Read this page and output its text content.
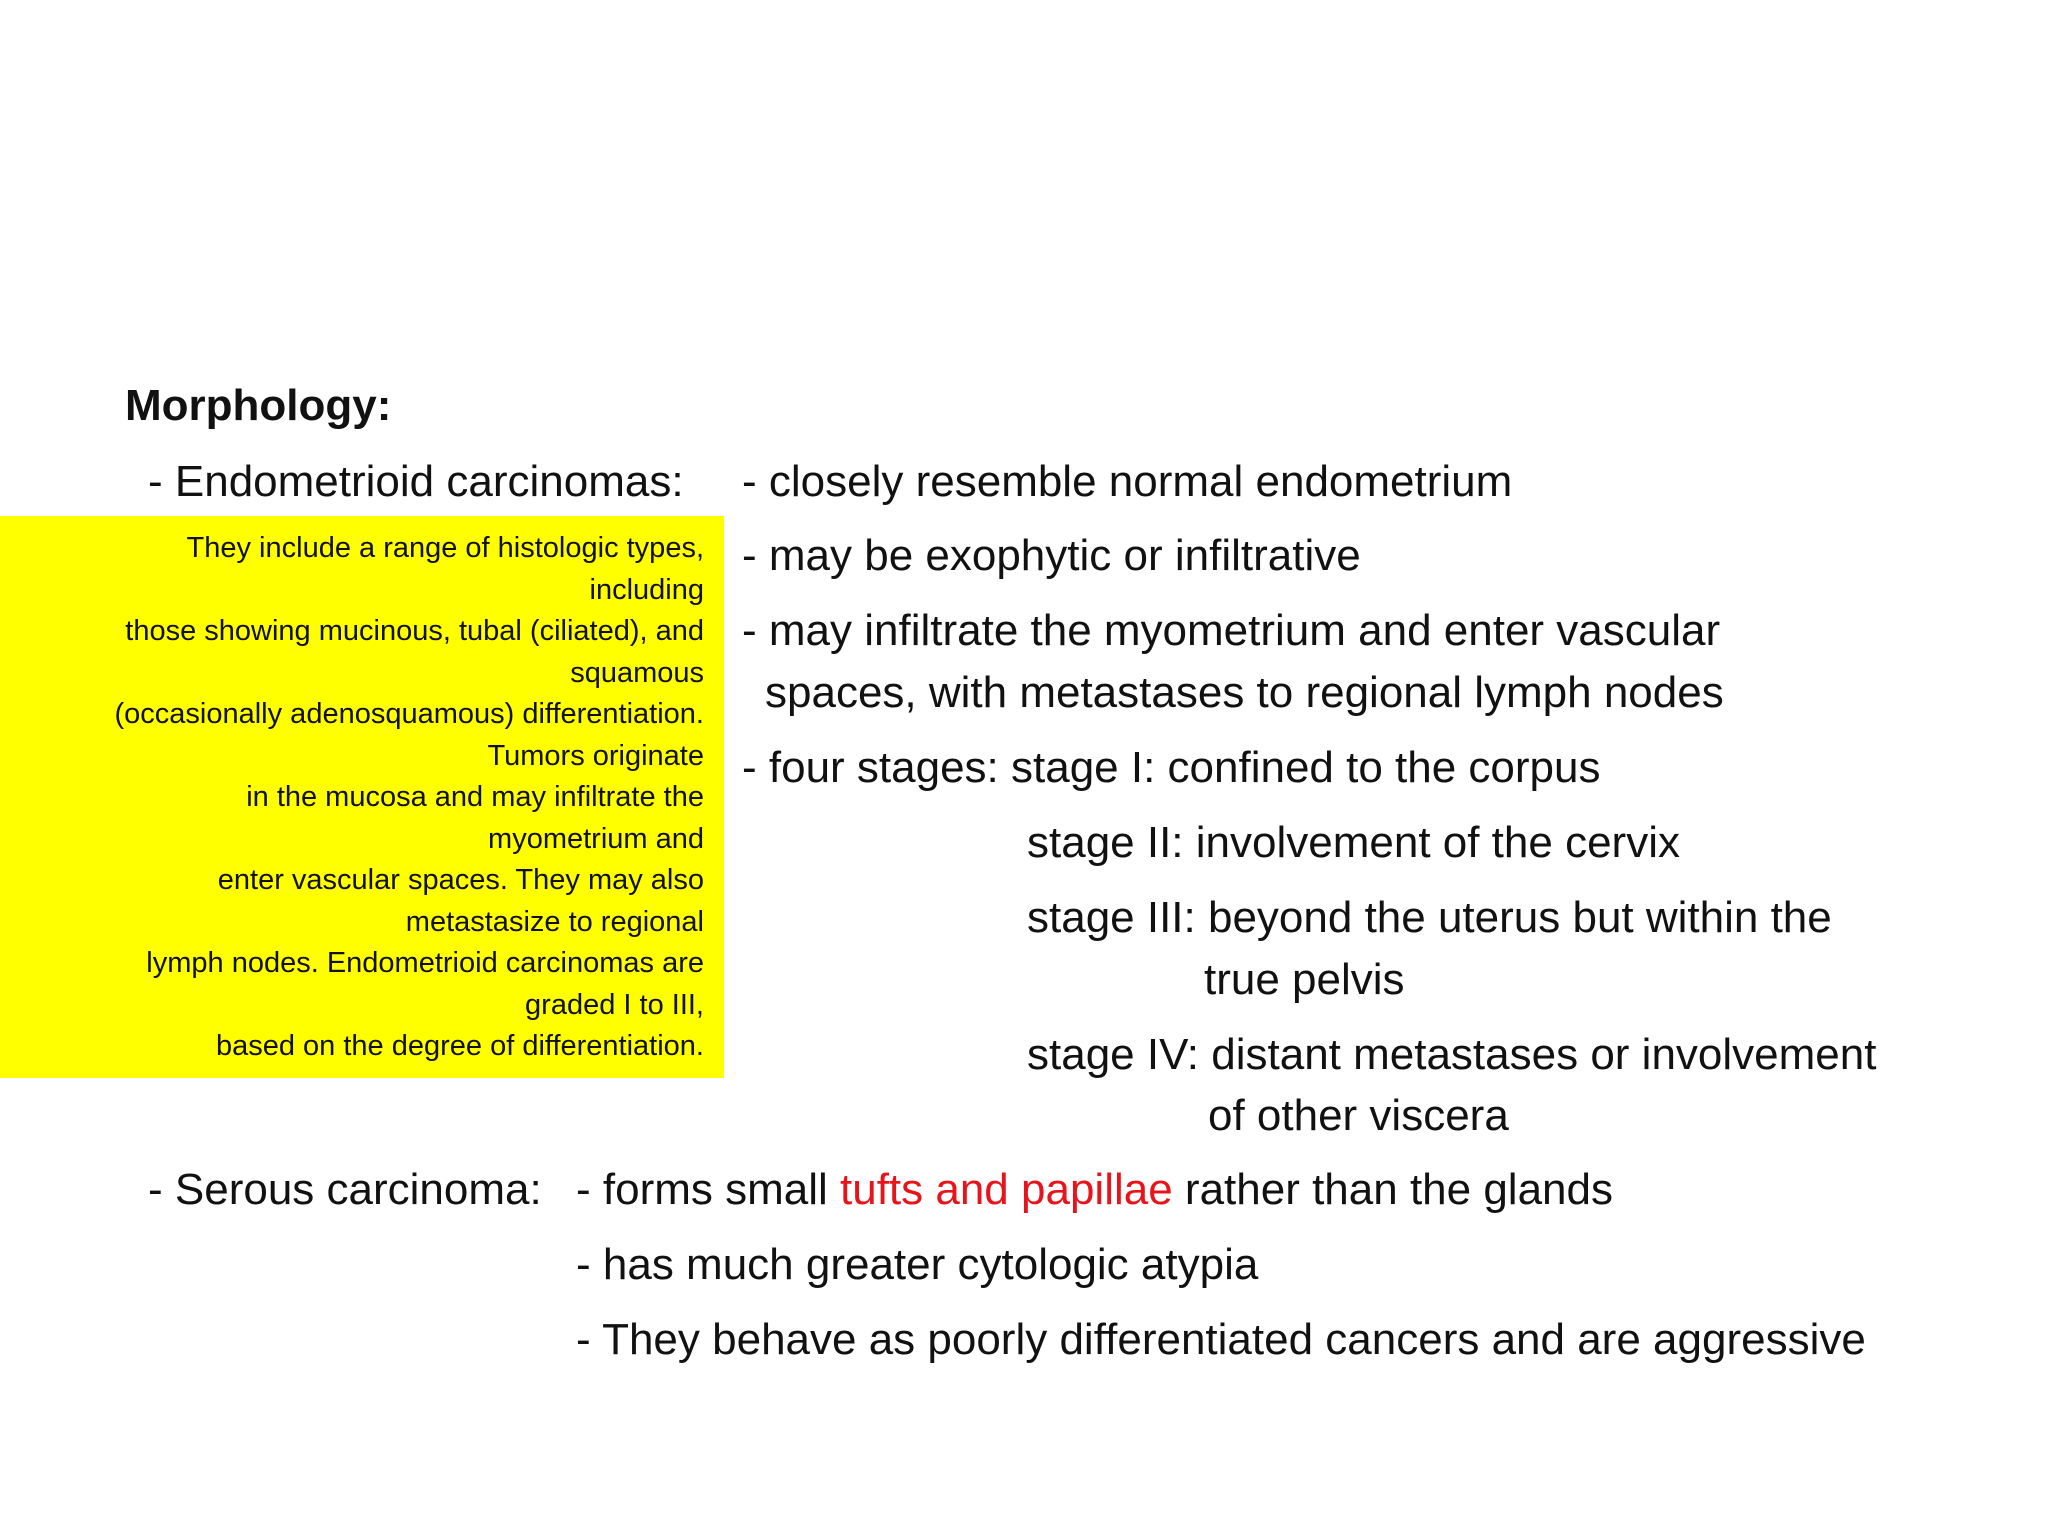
Morphology:
- Endometrioid carcinomas: - closely resemble normal endometrium
- may be exophytic or infiltrative
- may infiltrate the myometrium and enter vascular
spaces, with metastases to regional lymph nodes
- four stages: stage I: confined to the corpus
stage II: involvement of the cervix
stage III: beyond the uterus but within the
true pelvis
stage IV: distant metastases or involvement
of other viscera
- Serous carcinoma: - forms small tufts and papillae rather than the glands
- has much greater cytologic atypia
- They behave as poorly differentiated cancers and are aggressive
They include a range of histologic types,
including
those showing mucinous, tubal (ciliated), and
squamous
(occasionally adenosquamous) differentiation.
Tumors originate
in the mucosa and may infiltrate the
myometrium and
enter vascular spaces. They may also
metastasize to regional
lymph nodes. Endometrioid carcinomas are
graded I to III,
based on the degree of differentiation.
